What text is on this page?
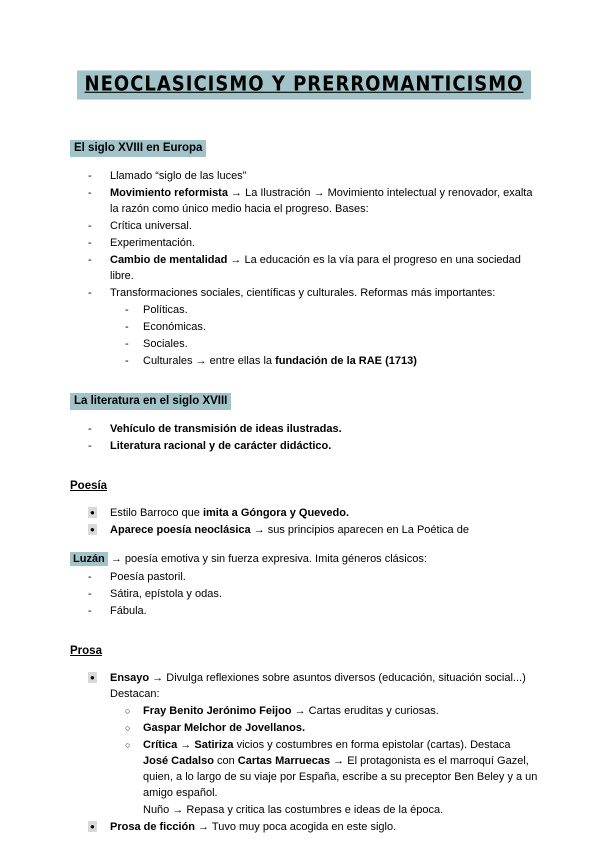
NEOCLASICISMO Y PRERROMANTICISMO
El siglo XVIII en Europa
-	Llamado “siglo de las luces”
-	Movimiento reformista → La Ilustración → Movimiento intelectual y renovador, exalta la razón como único medio hacia el progreso. Bases:
-	Crítica universal.
-	Experimentación.
-	Cambio de mentalidad → La educación es la vía para el progreso en una sociedad libre.
-	Transformaciones sociales, científicas y culturales. Reformas más importantes:
-	Políticas.
-	Económicas.
-	Sociales.
-	Culturales → entre ellas la fundación de la RAE (1713)
La literatura en el siglo XVIII
-	Vehículo de transmisión de ideas ilustradas.
-	Literatura racional y de carácter didáctico.
Poesía
●	Estilo Barroco que imita a Góngora y Quevedo.
●	Aparece poesía neoclásica → sus principios aparecen en La Poética de

Luzán → poesía emotiva y sin fuerza expresiva. Imita géneros clásicos:

-	Poesía pastoril.
-	Sátira, epístola y odas.
-	Fábula.
Prosa
●	Ensayo → Divulga reflexiones sobre asuntos diversos (educación, situación social...) Destacan:
○	Fray Benito Jerónimo Feijoo → Cartas eruditas y curiosas.
○	Gaspar Melchor de Jovellanos.
○	Crítica → Satiriza vicios y costumbres en forma epistolar (cartas). Destaca José Cadalso con Cartas Marruecas → El protagonista es el marroquí Gazel, quien, a lo largo de su viaje por España, escribe a su preceptor Ben Beley y a un amigo español.
Nuño → Repasa y critica las costumbres e ideas de la época.
●	Prosa de ficción → Tuvo muy poca acogida en este siglo.
